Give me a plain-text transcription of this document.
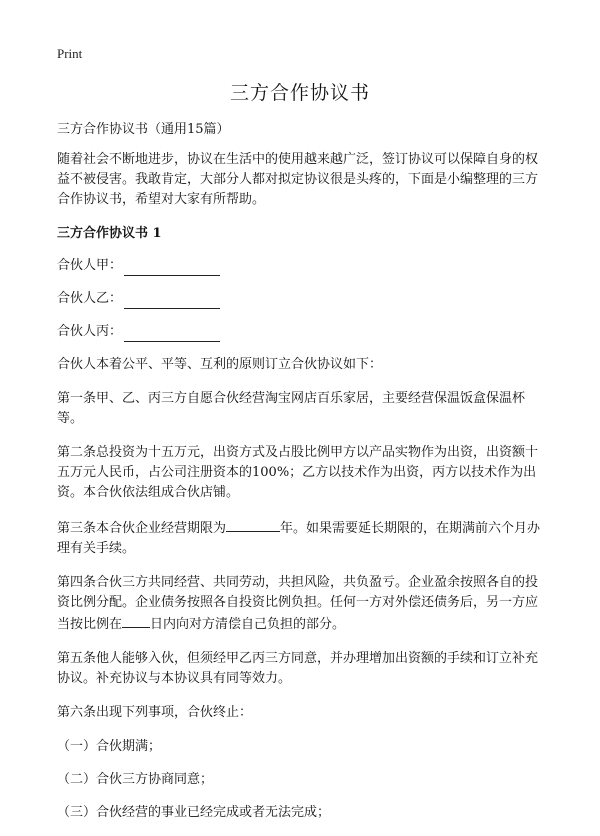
Print
三方合作协议书

三方合作协议书（通用15篇）

随着社会不断地进步，协议在生活中的使用越来越广泛，签订协议可以保障自身的权益不被侵害。我敢肯定，大部分人都对拟定协议很是头疼的，下面是小编整理的三方合作协议书，希望对大家有所帮助。

三方合作协议书 1

合伙人甲：

合伙人乙：

合伙人丙：

合伙人本着公平、平等、互利的原则订立合伙协议如下：

第一条甲、乙、丙三方自愿合伙经营淘宝网店百乐家居，主要经营保温饭盒保温杯等。

第二条总投资为十五万元，出资方式及占股比例甲方以产品实物作为出资，出资额十五万元人民币，占公司注册资本的100%；乙方以技术作为出资，丙方以技术作为出资。本合伙依法组成合伙店铺。

第三条本合伙企业经营期限为	年。如果需要延长期限的，在期满前六个月办理有关手续。

第四条合伙三方共同经营、共同劳动，共担风险，共负盈亏。企业盈余按照各自的投资比例分配。企业债务按照各自投资比例负担。任何一方对外偿还债务后，另一方应当按比例在 日内向对方清偿自己负担的部分。

第五条他人能够入伙，但须经甲乙丙三方同意，并办理增加出资额的手续和订立补充协议。补充协议与本协议具有同等效力。

第六条出现下列事项，合伙终止：

（一）合伙期满；

（二）合伙三方协商同意；

（三）合伙经营的事业已经完成或者无法完成；
